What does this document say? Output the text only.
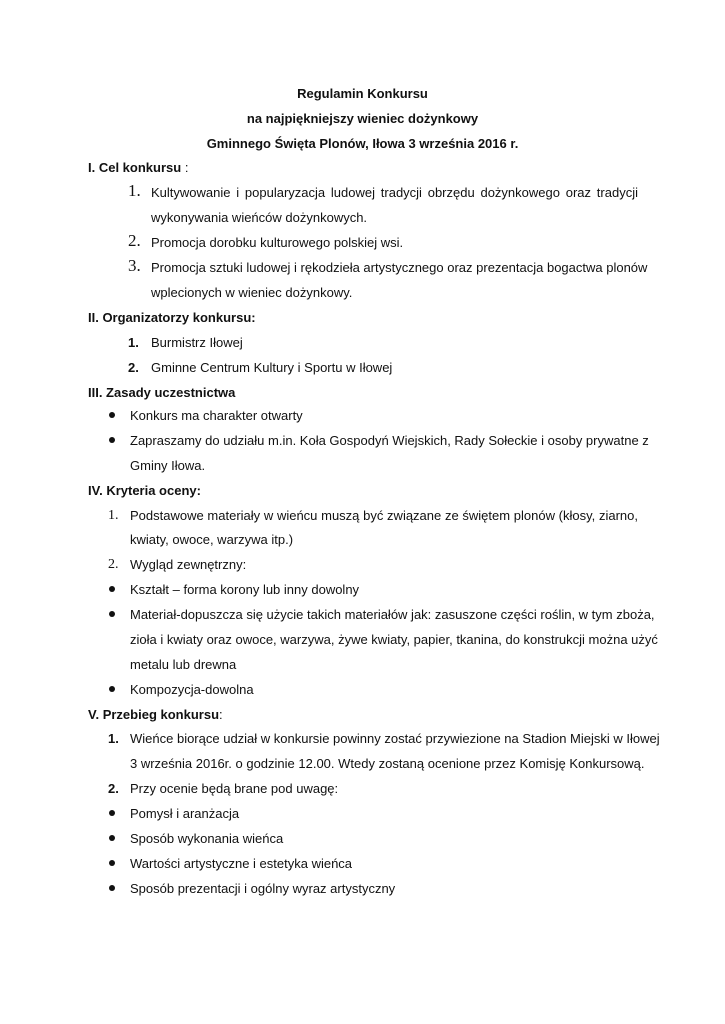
Regulamin Konkursu
na najpiękniejszy wieniec dożynkowy
Gminnego Święta Plonów, Iłowa 3 września 2016 r.
I. Cel konkursu :
1. Kultywowanie i popularyzacja ludowej tradycji obrzędu dożynkowego oraz tradycji
wykonywania wieńców dożynkowych.
2. Promocja dorobku kulturowego polskiej wsi.
3. Promocja sztuki ludowej i rękodzieła artystycznego oraz prezentacja bogactwa plonów
wplecionych w wieniec dożynkowy.
II. Organizatorzy konkursu:
1. Burmistrz Iłowej
2. Gminne Centrum Kultury i Sportu w Iłowej
III. Zasady uczestnictwa
Konkurs ma charakter otwarty
Zapraszamy do udziału m.in. Koła Gospodyń Wiejskich, Rady Sołeckie i osoby prywatne z
Gminy Iłowa.
IV. Kryteria oceny:
1. Podstawowe materiały w wieńcu muszą być związane ze świętem plonów (kłosy, ziarno,
kwiaty, owoce, warzywa itp.)
2. Wygląd zewnętrzny:
Kształt – forma korony lub inny dowolny
Materiał-dopuszcza się użycie takich materiałów jak: zasuszone części roślin, w tym zboża,
zioła i kwiaty oraz owoce, warzywa, żywe kwiaty, papier, tkanina, do konstrukcji można użyć
metalu lub drewna
Kompozycja-dowolna
V. Przebieg konkursu:
1. Wieńce biorące udział w konkursie powinny zostać przywiezione na Stadion Miejski w Iłowej
3 września 2016r. o godzinie 12.00. Wtedy zostaną ocenione przez Komisję Konkursową.
2. Przy ocenie będą brane pod uwagę:
Pomysł i aranżacja
Sposób wykonania wieńca
Wartości artystyczne i estetyka wieńca
Sposób prezentacji i ogólny wyraz artystyczny
